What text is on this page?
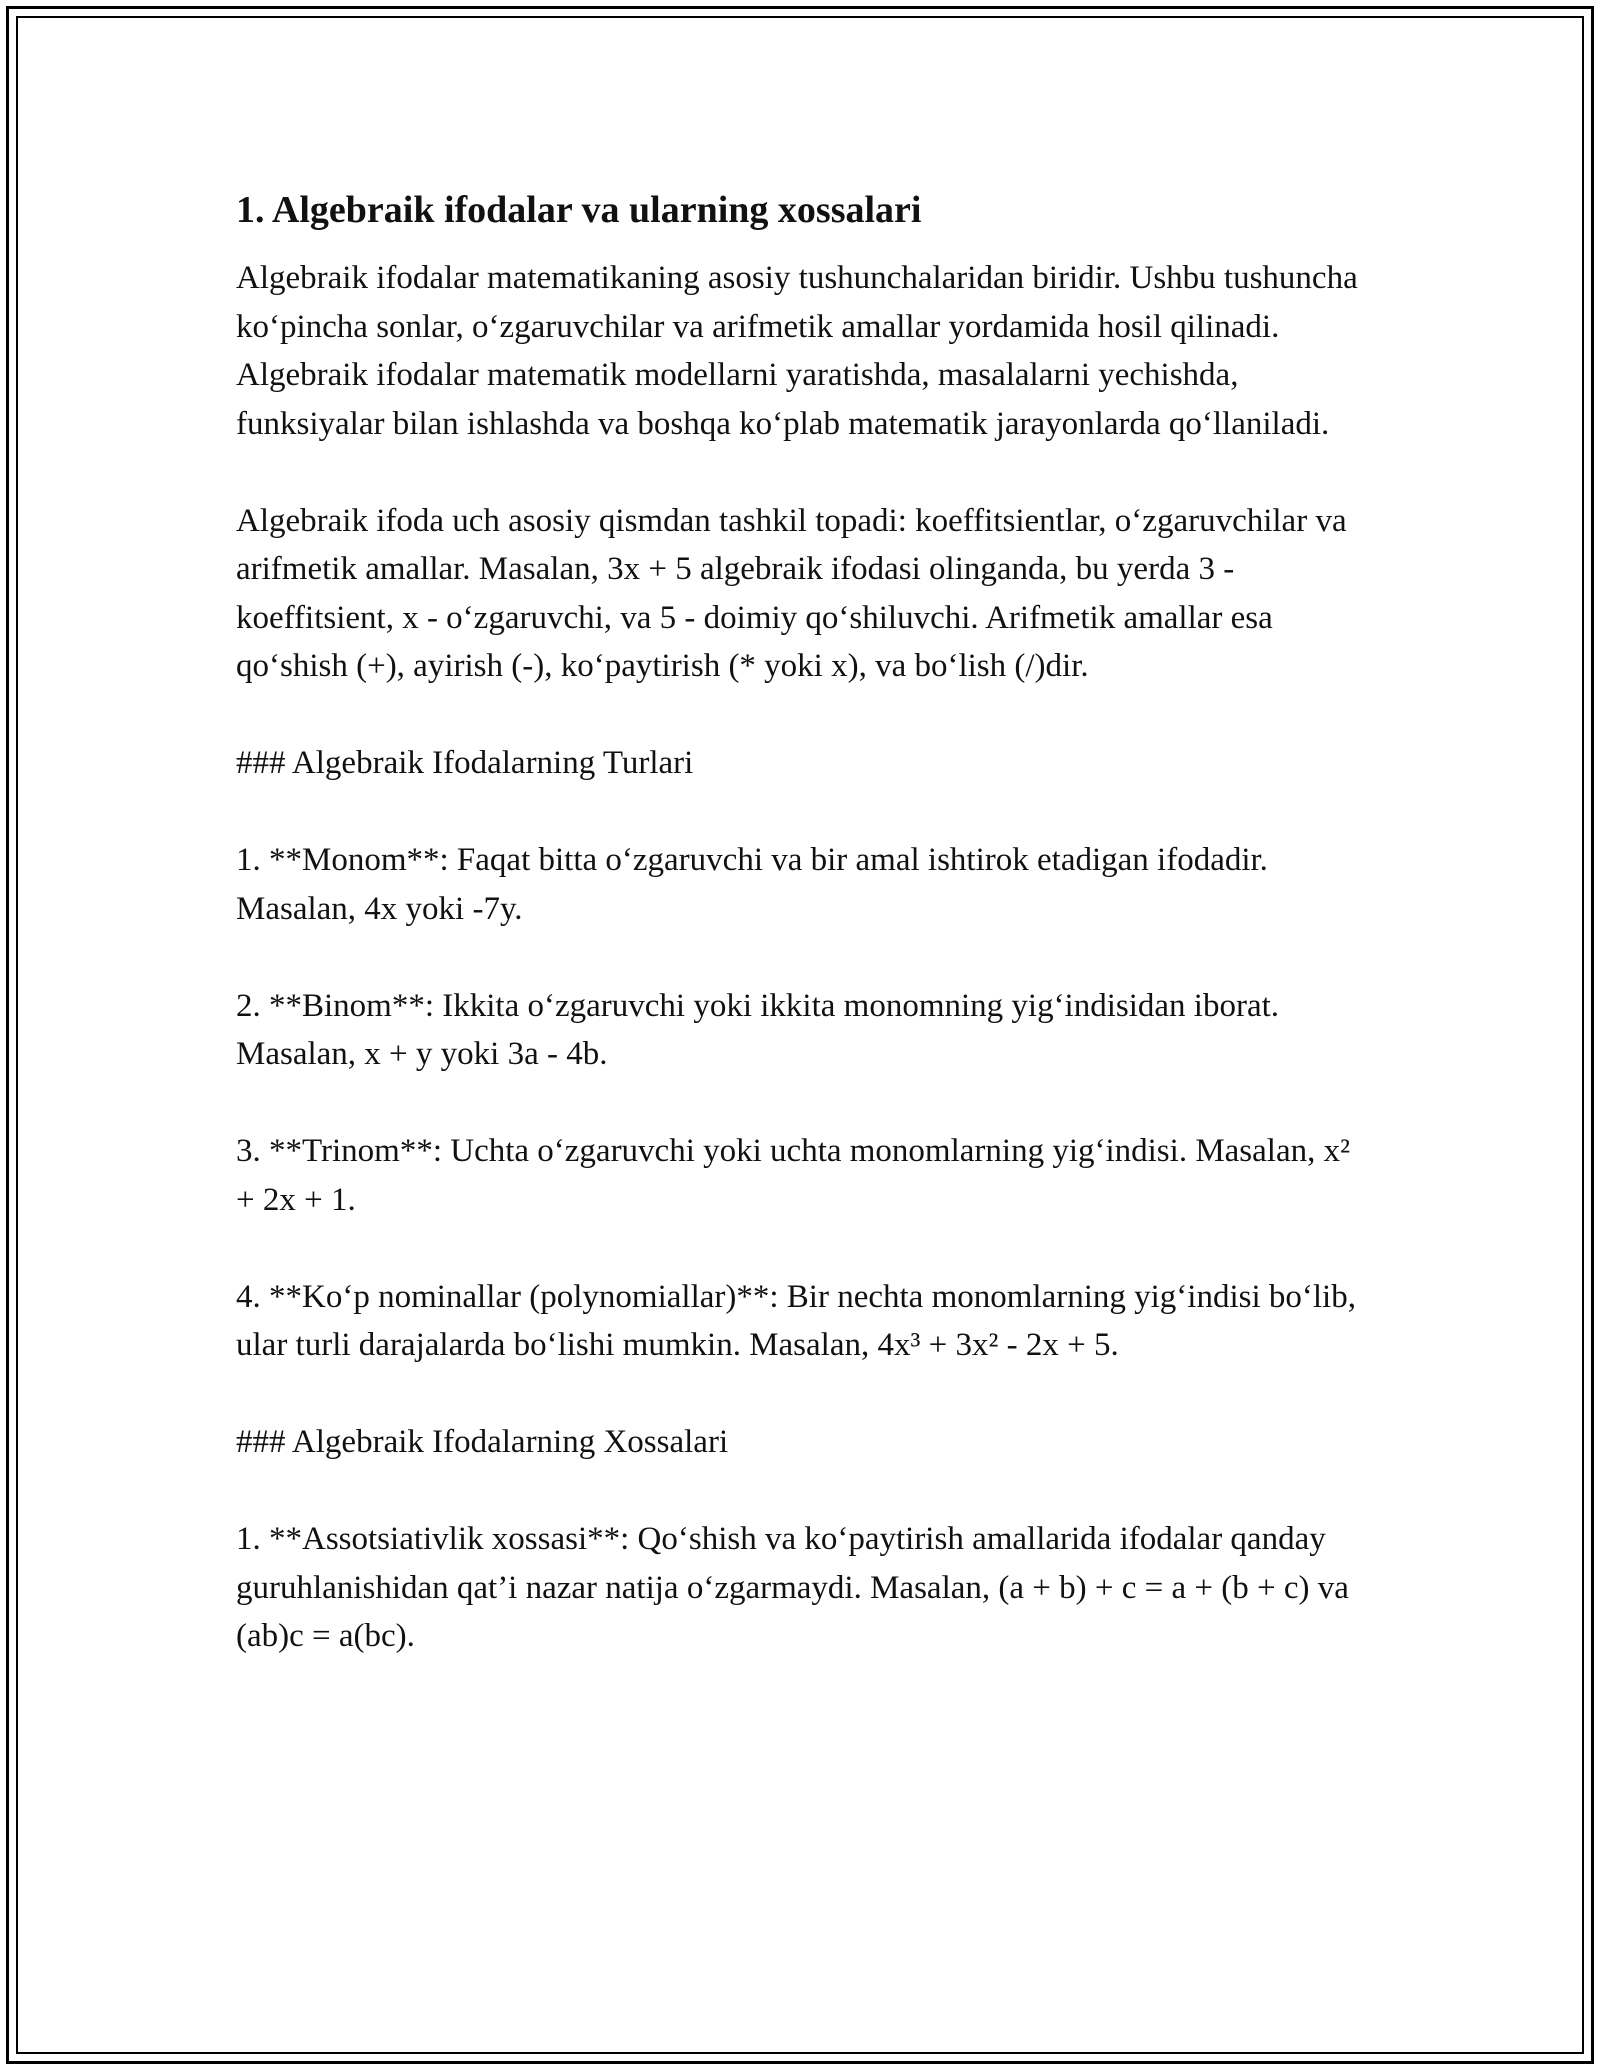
1. Algebraik ifodalar va ularning xossalari

Algebraik ifodalar matematikaning asosiy tushunchalaridan biridir. Ushbu tushuncha ko‘pincha sonlar, o‘zgaruvchilar va arifmetik amallar yordamida hosil qilinadi. Algebraik ifodalar matematik modellarni yaratishda, masalalarni yechishda, funksiyalar bilan ishlashda va boshqa ko‘plab matematik jarayonlarda qo‘llaniladi.

Algebraik ifoda uch asosiy qismdan tashkil topadi: koeffitsientlar, o‘zgaruvchilar va arifmetik amallar. Masalan, 3x + 5 algebraik ifodasi olinganda, bu yerda 3 - koeffitsient, x - o‘zgaruvchi, va 5 - doimiy qo‘shiluvchi. Arifmetik amallar esa qo‘shish (+), ayirish (-), ko‘paytirish (* yoki x), va bo‘lish (/)dir.

### Algebraik Ifodalarning Turlari

1. **Monom**: Faqat bitta o‘zgaruvchi va bir amal ishtirok etadigan ifodadir. Masalan, 4x yoki -7y.

2. **Binom**: Ikkita o‘zgaruvchi yoki ikkita monomning yig‘indisidan iborat. Masalan, x + y yoki 3a - 4b.

3. **Trinom**: Uchta o‘zgaruvchi yoki uchta monomlarning yig‘indisi. Masalan, x² + 2x + 1.

4. **Ko‘p nominallar (polynomiallar)**: Bir nechta monomlarning yig‘indisi bo‘lib, ular turli darajalarda bo‘lishi mumkin. Masalan, 4x³ + 3x² - 2x + 5.

### Algebraik Ifodalarning Xossalari

1. **Assotsiativlik xossasi**: Qo‘shish va ko‘paytirish amallarida ifodalar qanday guruhlanishidan qat’i nazar natija o‘zgarmaydi. Masalan, (a + b) + c = a + (b + c) va (ab)c = a(bc).
